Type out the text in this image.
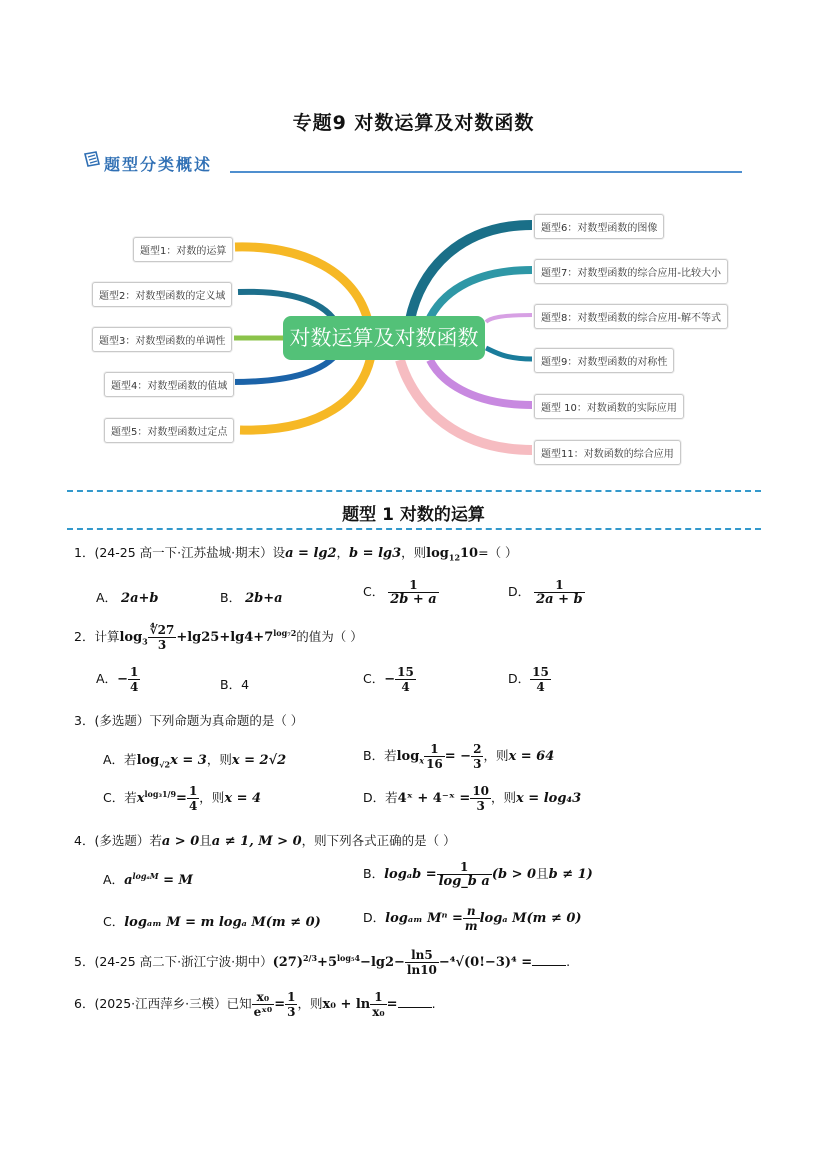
专题9 对数运算及对数函数
题型分类概述
对数运算及对数函数
题型1：对数的运算
题型2：对数型函数的定义域
题型3：对数型函数的单调性
题型4：对数型函数的值域
题型5：对数型函数过定点
题型6：对数型函数的图像
题型7：对数型函数的综合应用-比较大小
题型8：对数型函数的综合应用-解不等式
题型9：对数型函数的对称性
题型 10：对数函数的实际应用
题型11：对数函数的综合应用
题型 1 对数的运算
1．(24-25 高一下·江苏盐城·期末）设a = lg2，b = lg3，则$\log_{12}10=$（ ）
A． 2a+b	B． 2b+a	C． $\frac{1}{2b + a}$	D． $\frac{1}{2a + b}$
2．计算$\log_3 \frac{∜27}{3} +\lg 25+\lg 4+7^{log_72}$的值为（ ）
A．− $\frac{1}{4}$	B．4	C．− $\frac{15}{4}$	D． $\frac{15}{4}$
3．(多选题）下列命题为真命题的是（ ）
A．若$\log_{√2}x = 3$，则x = 2√2	B．若$\log_x \frac{1}{16}$ = − $\frac{2}{3}$ ，则x = 64
C．若$x^{log_31/9}= \frac{1}{4}$ ，则x = 4	D．若4ˣ + 4⁻ˣ = $\frac{10}{3}$ ，则x = log₄3
4．(多选题）若a > 0且a ≠ 1, M > 0，则下列各式正确的是（ ）
A．$a^{log_aM} = M$	B．$\log_ab = \frac{1}{\text{log\_b a}} (b > 0$且b ≠ 1)
C．logₐₘ M = m logₐ M(m ≠ 0)	D．logₐₘ $M^n = \frac{n}{m}$ logₐ M(m ≠ 0)
5．(24-25 高二下·浙江宁波·期中）$(27)^{2/3}+5^{log_54}-\lg 2- \frac{\ln 5}{\ln 10} -^4√(0!-3)^4$ =	.
6．(2025·江西萍乡·三模）已知 $\frac{\text{x₀}}{\text{eˣ⁰}} = \frac{1}{3}$ ，则$x_0 + \ln \frac{1}{\text{x₀}}$ =	.
